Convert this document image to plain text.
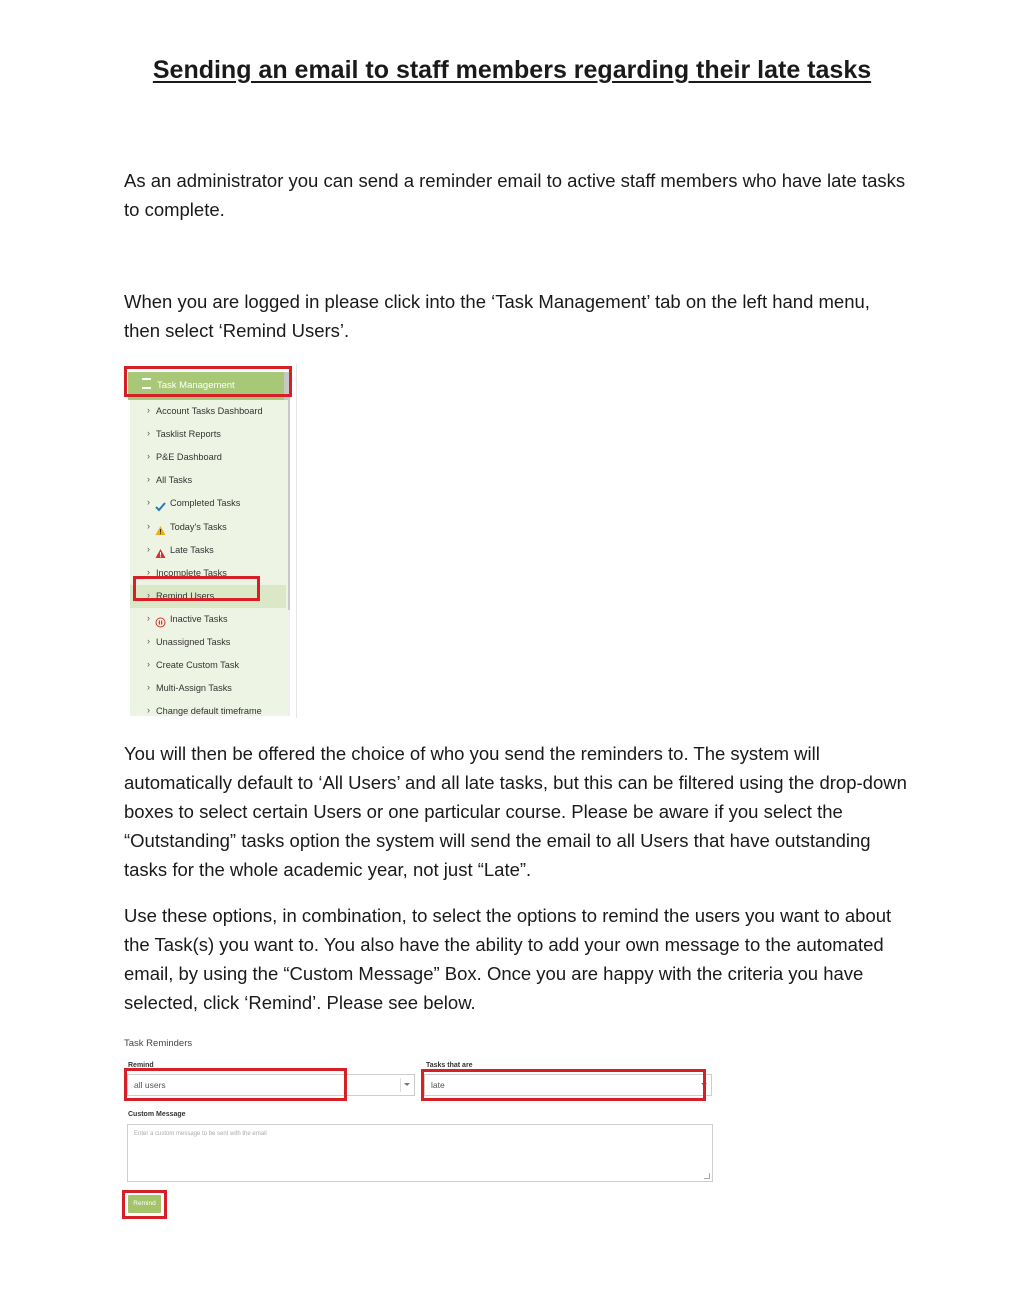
Sending an email to staff members regarding their late tasks

As an administrator you can send a reminder email to active staff members who have late tasks to complete.

When you are logged in please click into the ‘Task Management’ tab on the left hand menu, then select ‘Remind Users’.

› Account Tasks Dashboard
› Tasklist Reports
› P&E Dashboard
› All Tasks
› Completed Tasks
› Today's Tasks
› Late Tasks
› Incomplete Tasks
› Remind Users
› Inactive Tasks
› Unassigned Tasks
› Create Custom Task
› Multi-Assign Tasks
› Change default timeframe
Task Management

You will then be offered the choice of who you send the reminders to. The system will automatically default to ‘All Users’ and all late tasks, but this can be filtered using the drop-down boxes to select certain Users or one particular course. Please be aware if you select the “Outstanding” tasks option the system will send the email to all Users that have outstanding tasks for the whole academic year, not just “Late”.

Use these options, in combination, to select the options to remind the users you want to about the Task(s) you want to. You also have the ability to add your own message to the automated email, by using the “Custom Message” Box. Once you are happy with the criteria you have selected, click ‘Remind’. Please see below.

Task Reminders
Remind
all users
Tasks that are
late
Custom Message
Enter a custom message to be sent with the email
Remind
